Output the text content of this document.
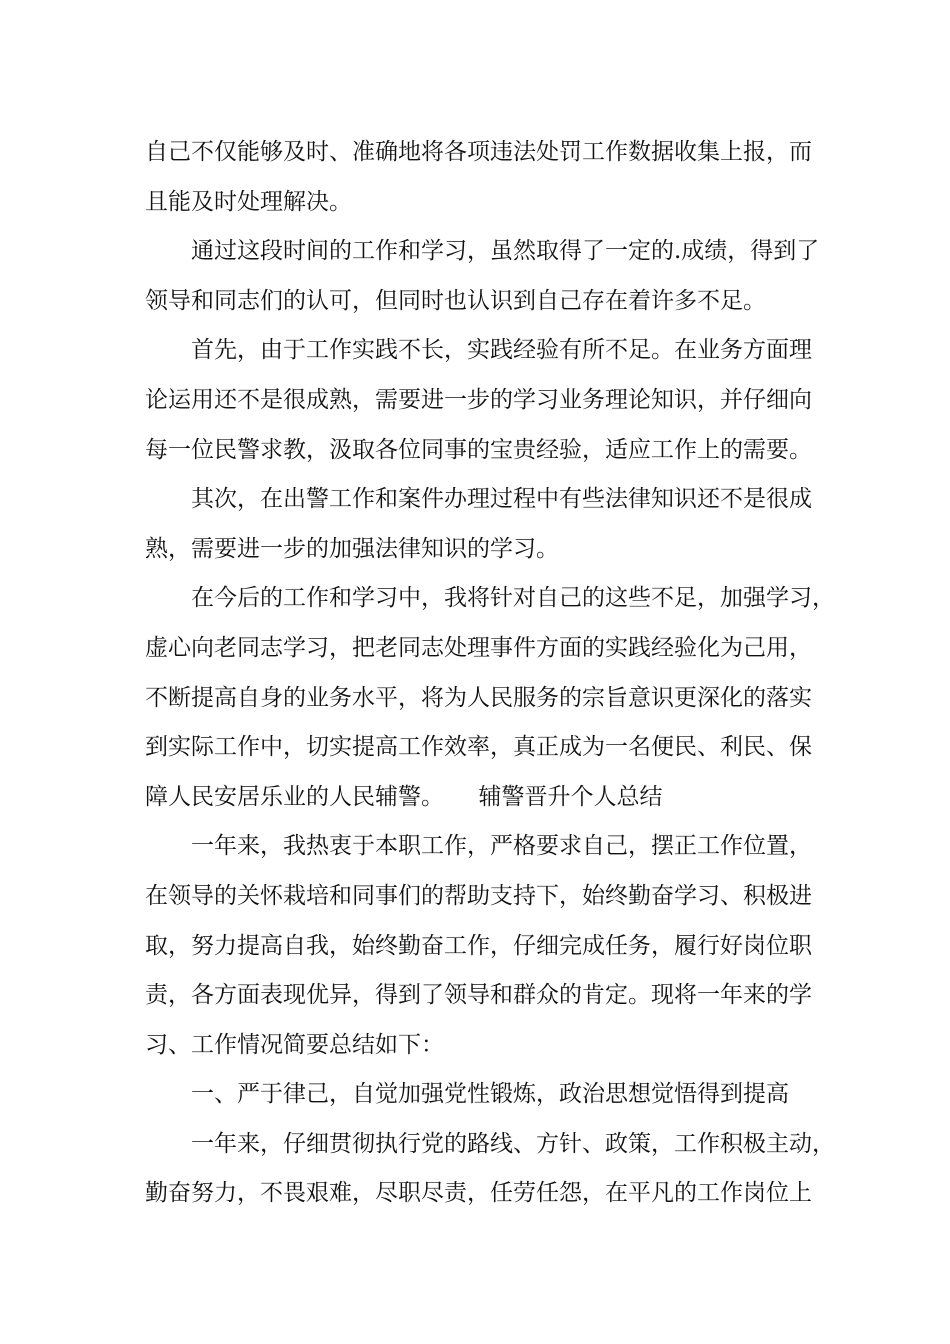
自己不仅能够及时、准确地将各项违法处罚工作数据收集上报，而
且能及时处理解决。

通过这段时间的工作和学习，虽然取得了一定的.成绩，得到了
领导和同志们的认可，但同时也认识到自己存在着许多不足。

首先，由于工作实践不长，实践经验有所不足。在业务方面理
论运用还不是很成熟，需要进一步的学习业务理论知识，并仔细向
每一位民警求教，汲取各位同事的宝贵经验，适应工作上的需要。

其次，在出警工作和案件办理过程中有些法律知识还不是很成
熟，需要进一步的加强法律知识的学习。

在今后的工作和学习中，我将针对自己的这些不足，加强学习，
虚心向老同志学习，把老同志处理事件方面的实践经验化为己用，
不断提高自身的业务水平，将为人民服务的宗旨意识更深化的落实
到实际工作中，切实提高工作效率，真正成为一名便民、利民、保
障人民安居乐业的人民辅警。　　辅警晋升个人总结

一年来，我热衷于本职工作，严格要求自己，摆正工作位置，
在领导的关怀栽培和同事们的帮助支持下，始终勤奋学习、积极进
取，努力提高自我，始终勤奋工作，仔细完成任务，履行好岗位职
责，各方面表现优异，得到了领导和群众的肯定。现将一年来的学
习、工作情况简要总结如下：

一、严于律己，自觉加强党性锻炼，政治思想觉悟得到提高

一年来，仔细贯彻执行党的路线、方针、政策，工作积极主动，
勤奋努力，不畏艰难，尽职尽责，任劳任怨，在平凡的工作岗位上
